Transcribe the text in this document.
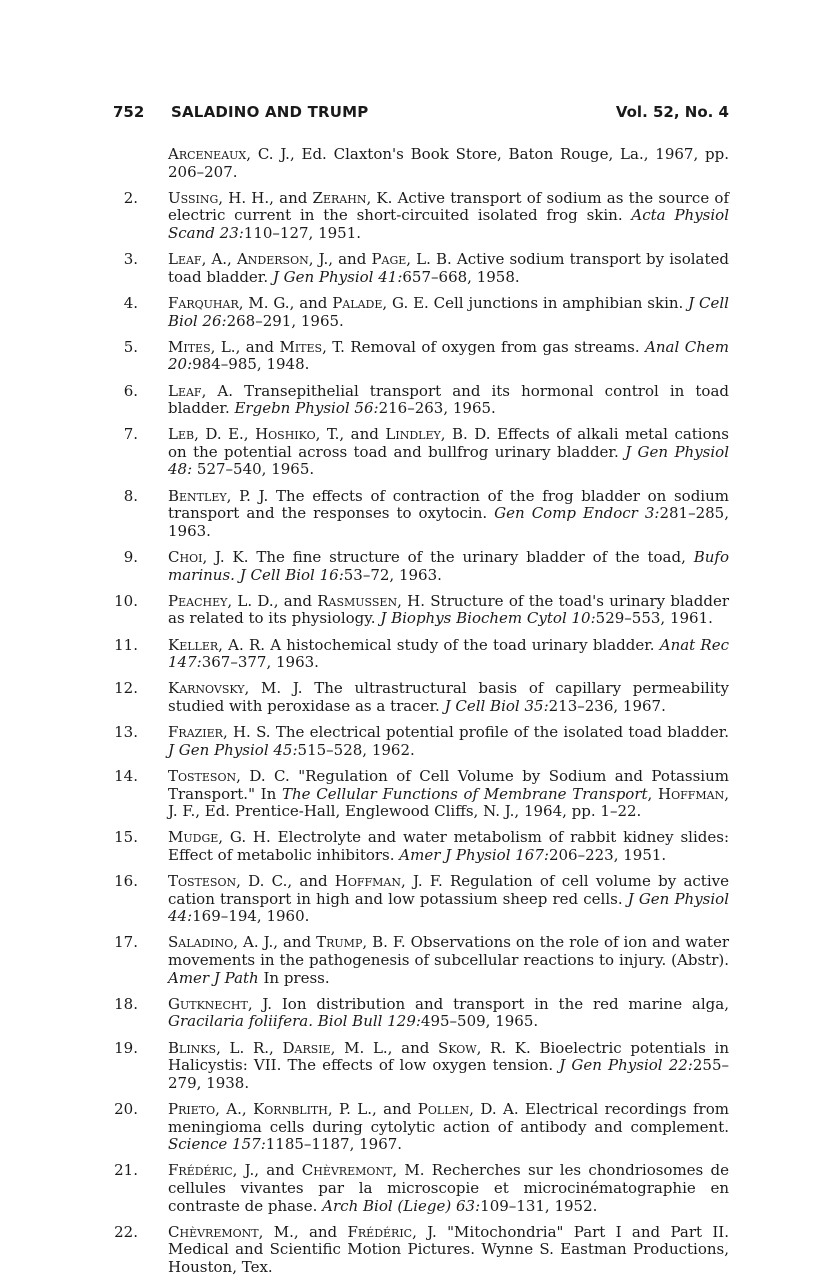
752 SALADINO AND TRUMP	Vol. 52, No. 4
Arceneaux, C. J., Ed. Claxton's Book Store, Baton Rouge, La., 1967, pp. 206–207.
2. Ussing, H. H., and Zerahn, K. Active transport of sodium as the source of electric current in the short-circuited isolated frog skin. Acta Physiol Scand 23:110–127, 1951.
3. Leaf, A., Anderson, J., and Page, L. B. Active sodium transport by isolated toad bladder. J Gen Physiol 41:657–668, 1958.
4. Farquhar, M. G., and Palade, G. E. Cell junctions in amphibian skin. J Cell Biol 26:268–291, 1965.
5. Mites, L., and Mites, T. Removal of oxygen from gas streams. Anal Chem 20:984–985, 1948.
6. Leaf, A. Transepithelial transport and its hormonal control in toad bladder. Ergebn Physiol 56:216–263, 1965.
7. Leb, D. E., Hoshiko, T., and Lindley, B. D. Effects of alkali metal cations on the potential across toad and bullfrog urinary bladder. J Gen Physiol 48: 527–540, 1965.
8. Bentley, P. J. The effects of contraction of the frog bladder on sodium transport and the responses to oxytocin. Gen Comp Endocr 3:281–285, 1963.
9. Choi, J. K. The fine structure of the urinary bladder of the toad, Bufo marinus. J Cell Biol 16:53–72, 1963.
10. Peachey, L. D., and Rasmussen, H. Structure of the toad's urinary bladder as related to its physiology. J Biophys Biochem Cytol 10:529–553, 1961.
11. Keller, A. R. A histochemical study of the toad urinary bladder. Anat Rec 147:367–377, 1963.
12. Karnovsky, M. J. The ultrastructural basis of capillary permeability studied with peroxidase as a tracer. J Cell Biol 35:213–236, 1967.
13. Frazier, H. S. The electrical potential profile of the isolated toad bladder. J Gen Physiol 45:515–528, 1962.
14. Tosteson, D. C. "Regulation of Cell Volume by Sodium and Potassium Transport." In The Cellular Functions of Membrane Transport, Hoffman, J. F., Ed. Prentice-Hall, Englewood Cliffs, N. J., 1964, pp. 1–22.
15. Mudge, G. H. Electrolyte and water metabolism of rabbit kidney slides: Effect of metabolic inhibitors. Amer J Physiol 167:206–223, 1951.
16. Tosteson, D. C., and Hoffman, J. F. Regulation of cell volume by active cation transport in high and low potassium sheep red cells. J Gen Physiol 44:169–194, 1960.
17. Saladino, A. J., and Trump, B. F. Observations on the role of ion and water movements in the pathogenesis of subcellular reactions to injury. (Abstr). Amer J Path In press.
18. Gutknecht, J. Ion distribution and transport in the red marine alga, Gracilaria foliifera. Biol Bull 129:495–509, 1965.
19. Blinks, L. R., Darsie, M. L., and Skow, R. K. Bioelectric potentials in Halicystis: VII. The effects of low oxygen tension. J Gen Physiol 22:255–279, 1938.
20. Prieto, A., Kornblith, P. L., and Pollen, D. A. Electrical recordings from meningioma cells during cytolytic action of antibody and complement. Science 157:1185–1187, 1967.
21. Frédéric, J., and Chèvremont, M. Recherches sur les chondriosomes de cellules vivantes par la microscopie et microcinématographie en contraste de phase. Arch Biol (Liege) 63:109–131, 1952.
22. Chèvremont, M., and Frédéric, J. "Mitochondria" Part I and Part II. Medical and Scientific Motion Pictures. Wynne S. Eastman Productions, Houston, Tex.
